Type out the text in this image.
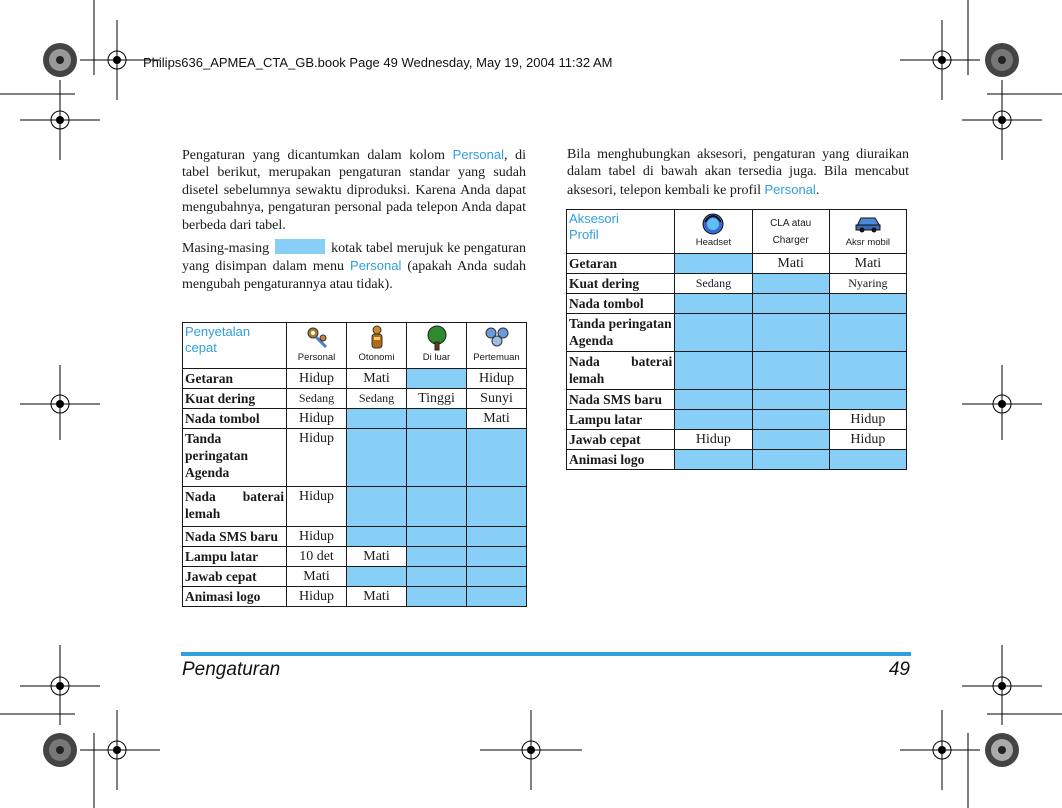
Philips636_APMEA_CTA_GB.book Page 49 Wednesday, May 19, 2004 11:32 AM
Pengaturan yang dicantumkan dalam kolom Personal, di tabel berikut, merupakan pengaturan standar yang sudah disetel sebelumnya sewaktu diproduksi. Karena Anda dapat mengubahnya, pengaturan personal pada telepon Anda dapat berbeda dari tabel.
Masing-masing	kotak tabel merujuk ke pengaturan yang disimpan dalam menu Personal (apakah Anda sudah mengubah pengaturannya atau tidak).
Penyetalan cepat	Personal	Otonomi	Di luar	Pertemuan

Getaran	Hidup	Mati		Hidup
Kuat dering	Sedang	Sedang	Tinggi	Sunyi
Nada tombol	Hidup			Mati
Tanda peringatan Agenda	Hidup			
Nada baterai lemah	Hidup			
Nada SMS baru	Hidup			
Lampu latar	10 det	Mati		
Jawab cepat	Mati			
Animasi logo	Hidup	Mati		
Bila menghubungkan aksesori, pengaturan yang diuraikan dalam tabel di bawah akan tersedia juga. Bila mencabut aksesori, telepon kembali ke profil Personal.
Aksesori
Profil	Headset	CLA atau Charger	Aksr mobil

Getaran		Mati	Mati
Kuat dering	Sedang		Nyaring
Nada tombol			
Tanda peringatan Agenda			
Nada baterai lemah			
Nada SMS baru			
Lampu latar			Hidup
Jawab cepat	Hidup		Hidup
Animasi logo			
Pengaturan	49
